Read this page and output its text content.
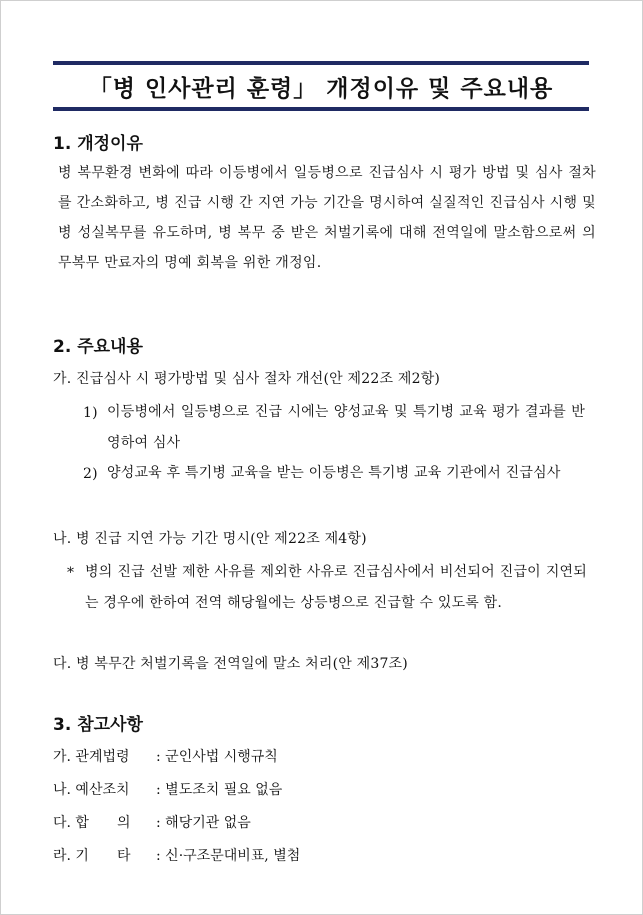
「병 인사관리 훈령」 개정이유 및 주요내용
1. 개정이유
병 복무환경 변화에 따라 이등병에서 일등병으로 진급심사 시 평가 방법 및 심사 절차를 간소화하고, 병 진급 시행 간 지연 가능 기간을 명시하여 실질적인 진급심사 시행 및 병 성실복무를 유도하며, 병 복무 중 받은 처벌기록에 대해 전역일에 말소함으로써 의무복무 만료자의 명예 회복을 위한 개정임.
2. 주요내용
가. 진급심사 시 평가방법 및 심사 절차 개선(안 제22조 제2항)
1) 이등병에서 일등병으로 진급 시에는 양성교육 및 특기병 교육 평가 결과를 반영하여 심사
2) 양성교육 후 특기병 교육을 받는 이등병은 특기병 교육 기관에서 진급심사
나. 병 진급 지연 가능 기간 명시(안 제22조 제4항)
* 병의 진급 선발 제한 사유를 제외한 사유로 진급심사에서 비선되어 진급이 지연되는 경우에 한하여 전역 해당월에는 상등병으로 진급할 수 있도록 함.
다. 병 복무간 처벌기록을 전역일에 말소 처리(안 제37조)
3. 참고사항
가. 관계법령 : 군인사법 시행규칙
나. 예산조치 : 별도조치 필요 없음
다. 합　　의 : 해당기관 없음
라. 기　　타 : 신·구조문대비표, 별첨
